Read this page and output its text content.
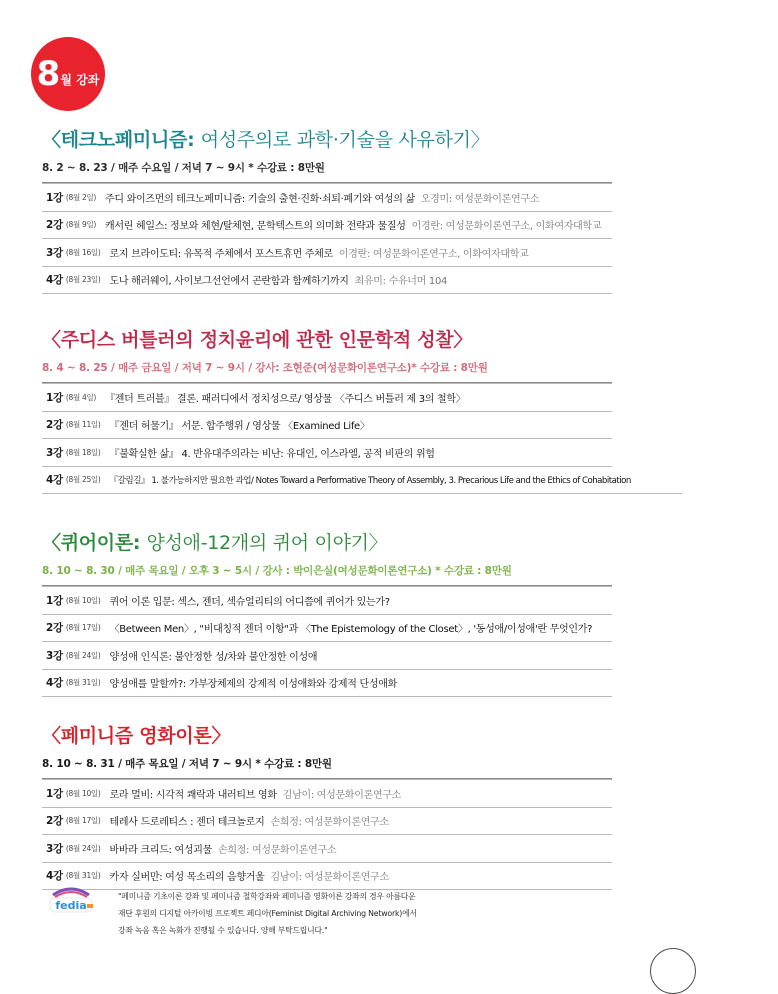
8 월 강좌
〈테크노페미니즘: 여성주의로 과학·기술을 사유하기〉
8. 2 ~ 8. 23 / 매주 수요일 / 저녁 7 ~ 9시 * 수강료 : 8만원
1강 (8월 2일) 주디 와이즈먼의 테크노페미니즘: 기술의 출현·진화·쇠퇴·폐기와 여성의 삶 오경미: 여성문화이론연구소
2강 (8월 9일) 캐서린 헤일스: 정보와 체현/탈체현, 문학텍스트의 의미화 전략과 물질성 이경란: 여성문화이론연구소, 이화여자대학교
3강 (8월 16일) 로지 브라이도티: 유목적 주체에서 포스트휴먼 주체로 이경란: 여성문화이론연구소, 이화여자대학교
4강 (8월 23일) 도나 해러웨이, 사이보그선언에서 곤란함과 함께하기까지 최유미: 수유너머 104
〈주디스 버틀러의 정치윤리에 관한 인문학적 성찰〉
8. 4 ~ 8. 25 / 매주 금요일 / 저녁 7 ~ 9시 / 강사: 조현준(여성문화이론연구소)* 수강료 : 8만원
1강 (8월 4일) 『젠더 트러블』 결론. 패러디에서 정치성으로/ 영상물 〈주디스 버틀러 제 3의 철학〉
2강 (8월 11일) 『젠더 허물기』 서문. 합주행위 / 영상물 〈Examined Life〉
3강 (8월 18일) 『불확실한 삶』 4. 반유대주의라는 비난: 유대인, 이스라엘, 공적 비판의 위험
4강 (8월 25일) 『갈림길』 1. 불가능하지만 필요한 과업/ Notes Toward a Performative Theory of Assembly, 3. Precarious Life and the Ethics of Cohabitation
〈퀴어이론: 양성애-12개의 퀴어 이야기〉
8. 10 ~ 8. 30 / 매주 목요일 / 오후 3 ~ 5시 / 강사 : 박이은실(여성문화이론연구소) * 수강료 : 8만원
1강 (8월 10일) 퀴어 이론 입문: 섹스, 젠더, 섹슈얼리티의 어디쯤에 퀴어가 있는가?
2강 (8월 17일) 〈Between Men〉, "비대칭적 젠더 이항"과 〈The Epistemology of the Closet〉, '동성애/이성애'란 무엇인가?
3강 (8월 24일) 양성애 인식론: 불안정한 성/차와 불안정한 이성애
4강 (8월 31일) 양성애를 말할까?: 가부장체제의 강제적 이성애화와 강제적 단성애화
〈페미니즘 영화이론〉
8. 10 ~ 8. 31 / 매주 목요일 / 저녁 7 ~ 9시 * 수강료 : 8만원
1강 (8월 10일) 로라 멀비: 시각적 쾌락과 내러티브 영화 김남이: 여성문화이론연구소
2강 (8월 17일) 테레사 드로레티스 : 젠더 테크놀로지 손희정: 여성문화이론연구소
3강 (8월 24일) 바바라 크리드: 여성괴물 손희정: 여성문화이론연구소
4강 (8월 31일) 카자 실버만: 여성 목소리의 음향거울 김남이: 여성문화이론연구소
fedia
"페미니즘 기초이론 강좌 및 페미니즘 철학강좌와 페미니즘 영화이론 강좌의 경우 아름다운재단 후원의 디지털 아카이빙 프로젝트 페디아(Feminist Digital Archiving Network)에서 강좌 녹음 혹은 녹화가 진행될 수 있습니다. 양해 부탁드립니다."
